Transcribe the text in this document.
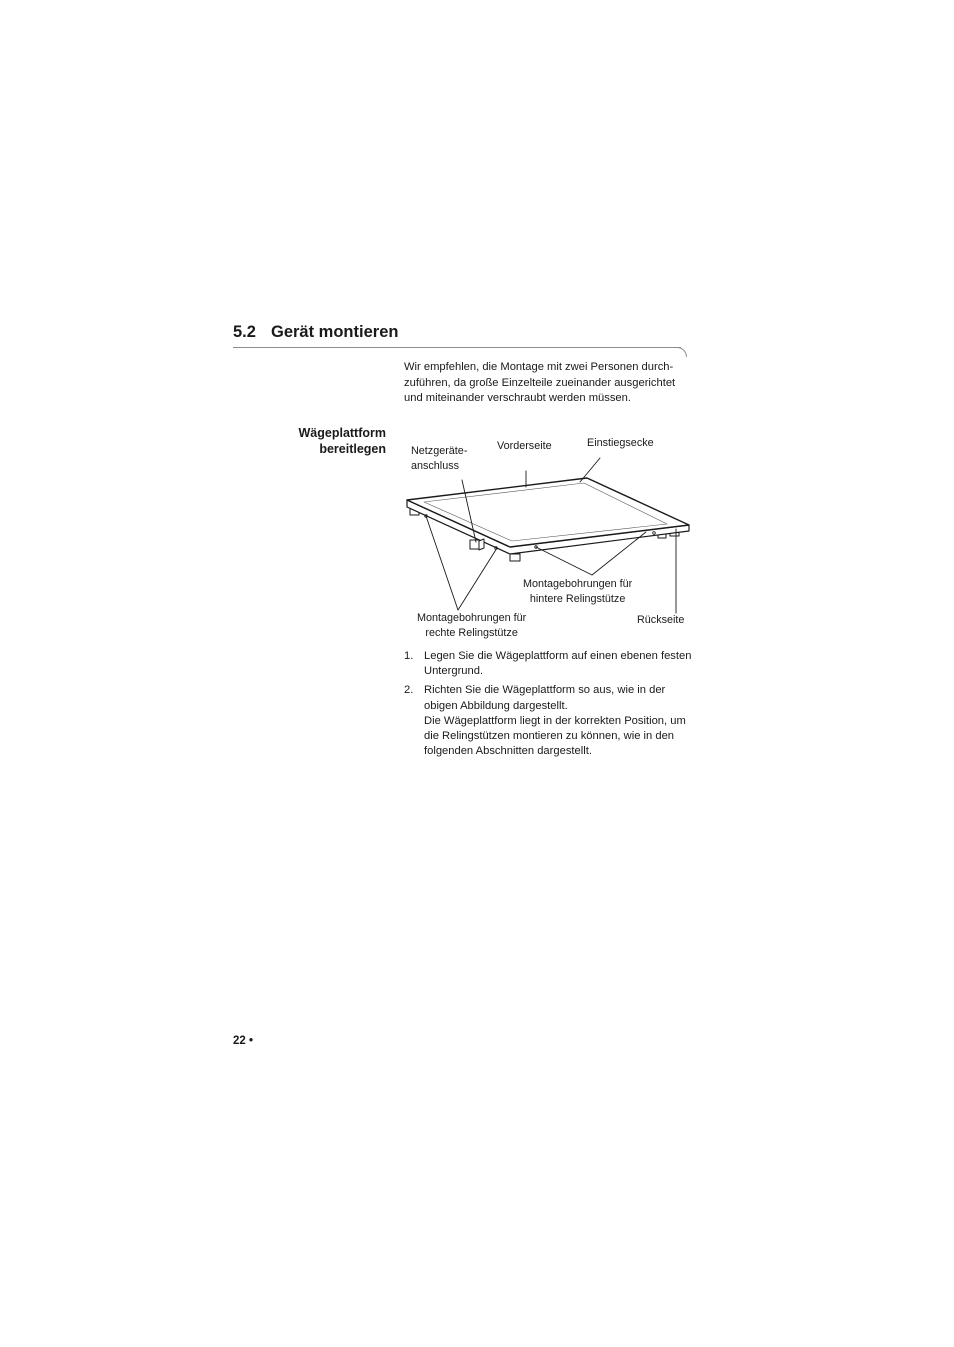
5.2 Gerät montieren

Wir empfehlen, die Montage mit zwei Personen durch- zuführen, da große Einzelteile zueinander ausgerichtet und miteinander verschraubt werden müssen.

Wägeplattform
bereitlegen Netzgeräte-
anschluss
Vorderseite	Einstiegsecke
Montagebohrungen für
hintere Relingstütze
Montagebohrungen für
rechte Relingstütze
Rückseite
1. Legen Sie die Wägeplattform auf einen ebenen festen Untergrund.
2. Richten Sie die Wägeplattform so aus, wie in der obigen Abbildung dargestellt.
Die Wägeplattform liegt in der korrekten Position, um die Relingstützen montieren zu können, wie in den folgenden Abschnitten dargestellt.
22 •
